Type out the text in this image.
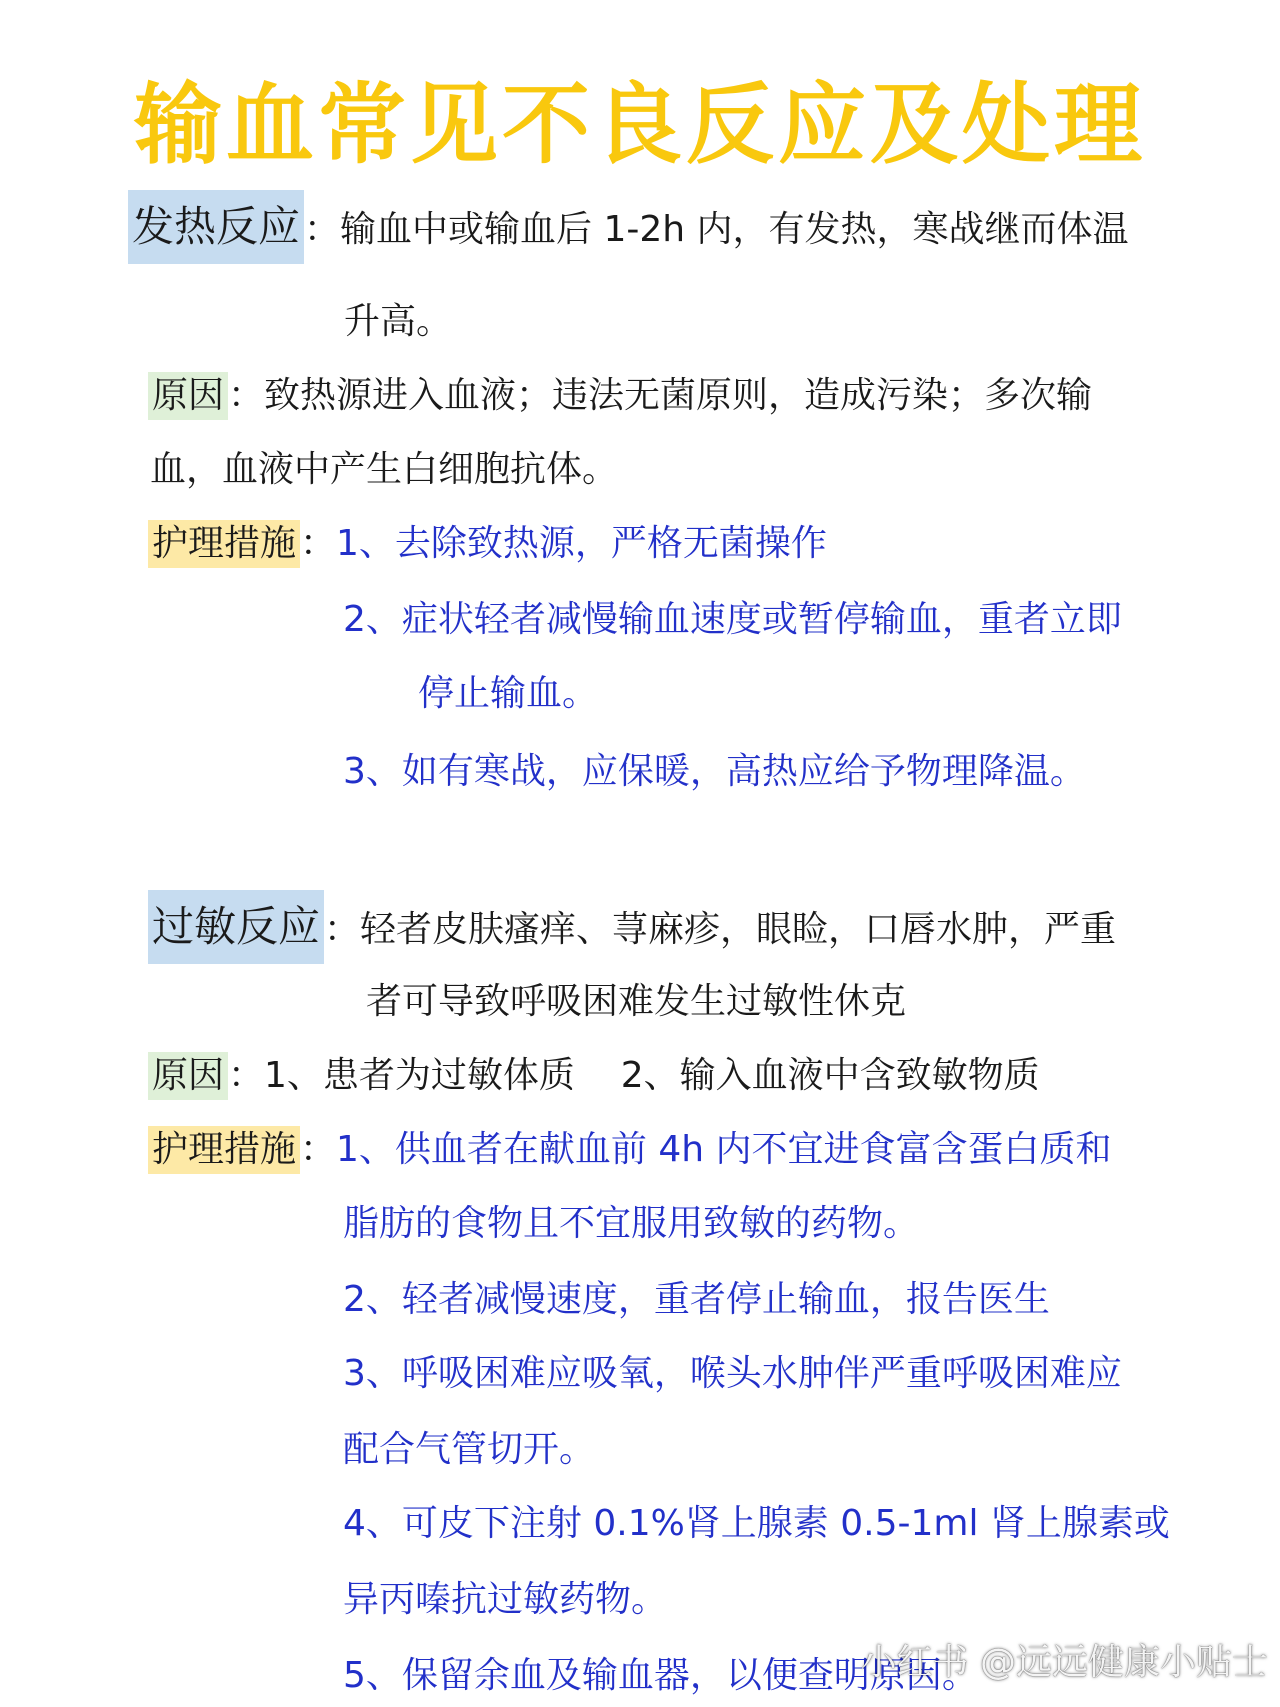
输血常见不良反应及处理
发热反应 ：输血中或输血后 1-2h 内，有发热，寒战继而体温
升高。
原因 ：致热源进入血液；违法无菌原则，造成污染；多次输
血，血液中产生白细胞抗体。
护理措施 ：1、去除致热源，严格无菌操作
2、症状轻者减慢输血速度或暂停输血，重者立即
停止输血。
3、如有寒战，应保暖，高热应给予物理降温。
过敏反应 ：轻者皮肤瘙痒、荨麻疹，眼睑，口唇水肿，严重
者可导致呼吸困难发生过敏性休克
原因 ：1、患者为过敏体质    2、输入血液中含致敏物质
护理措施 ：1、供血者在献血前 4h 内不宜进食富含蛋白质和
脂肪的食物且不宜服用致敏的药物。
2、轻者减慢速度，重者停止输血，报告医生
3、呼吸困难应吸氧，喉头水肿伴严重呼吸困难应
配合气管切开。
4、可皮下注射 0.1%肾上腺素 0.5-1ml 肾上腺素或
异丙嗪抗过敏药物。
5、保留余血及输血器，以便查明原因。
小红书 @远远健康小贴士
